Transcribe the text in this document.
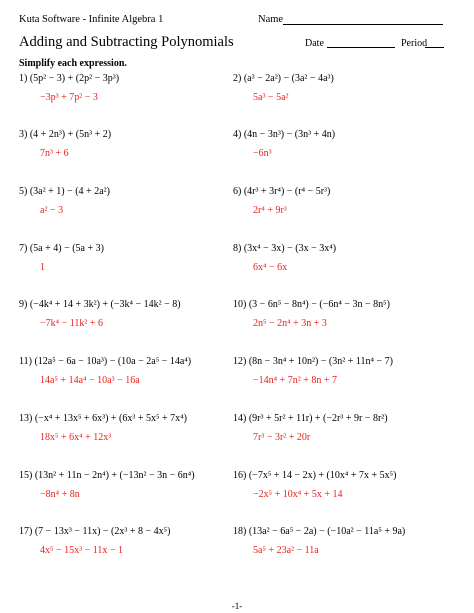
Kuta Software - Infinite Algebra 1	Name
Adding and Subtracting Polynomials	Date	Period
Simplify each expression.
1) (5p² − 3) + (2p² − 3p³)
−3p³ + 7p² − 3
2) (a³ − 2a²) − (3a² − 4a³)
5a³ − 5a²
3) (4 + 2n³) + (5n³ + 2)
7n³ + 6
4) (4n − 3n³) − (3n³ + 4n)
−6n³
5) (3a² + 1) − (4 + 2a²)
a² − 3
6) (4r³ + 3r⁴) − (r⁴ − 5r³)
2r⁴ + 9r³
7) (5a + 4) − (5a + 3)
1
8) (3x⁴ − 3x) − (3x − 3x⁴)
6x⁴ − 6x
9) (−4k⁴ + 14 + 3k²) + (−3k⁴ − 14k² − 8)
−7k⁴ − 11k² + 6
10) (3 − 6n⁵ − 8n⁴) − (−6n⁴ − 3n − 8n⁵)
2n⁵ − 2n⁴ + 3n + 3
11) (12a⁵ − 6a − 10a³) − (10a − 2a⁵ − 14a⁴)
14a⁵ + 14a⁴ − 10a³ − 16a
12) (8n − 3n⁴ + 10n²) − (3n² + 11n⁴ − 7)
−14n⁴ + 7n² + 8n + 7
13) (−x⁴ + 13x⁵ + 6x³) + (6x³ + 5x⁵ + 7x⁴)
18x⁵ + 6x⁴ + 12x³
14) (9r³ + 5r² + 11r) + (−2r³ + 9r − 8r²)
7r³ − 3r² + 20r
15) (13n² + 11n − 2n⁴) + (−13n² − 3n − 6n⁴)
−8n⁴ + 8n
16) (−7x⁵ + 14 − 2x) + (10x⁴ + 7x + 5x⁵)
−2x⁵ + 10x⁴ + 5x + 14
17) (7 − 13x³ − 11x) − (2x³ + 8 − 4x⁵)
4x⁵ − 15x³ − 11x − 1
18) (13a² − 6a⁵ − 2a) − (−10a² − 11a⁵ + 9a)
5a⁵ + 23a² − 11a
-1-
